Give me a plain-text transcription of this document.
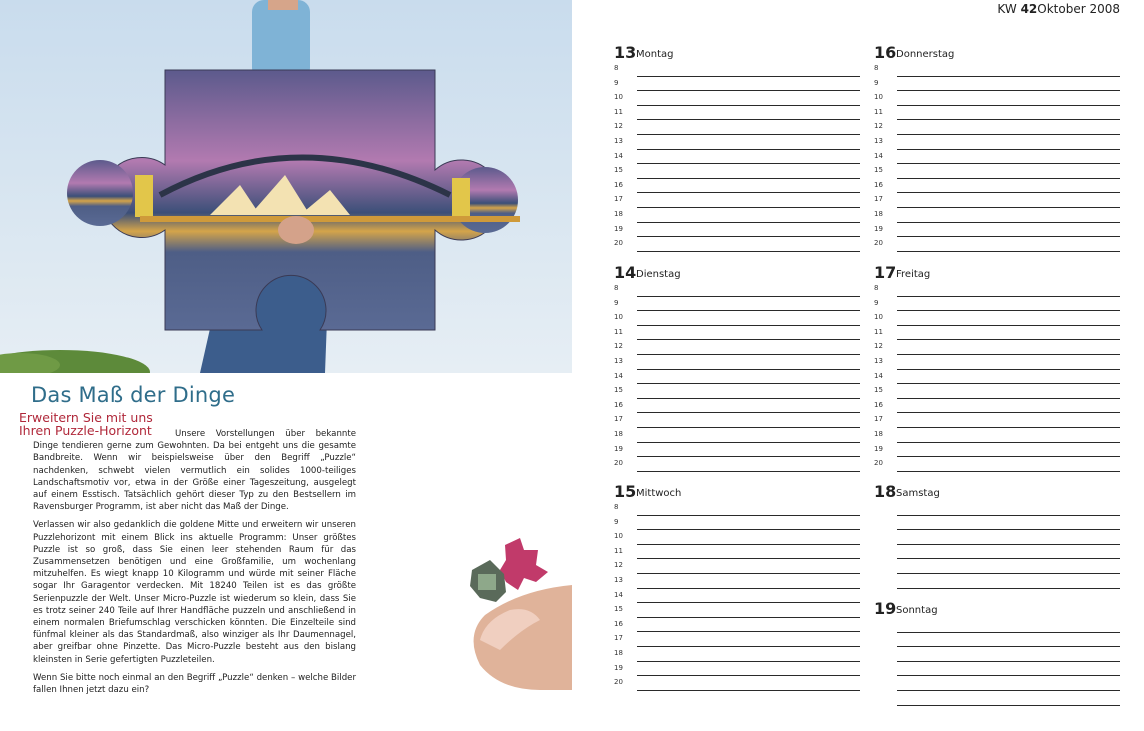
Das Maß der Dinge
Erweitern Sie mit uns Ihren Puzzle-Horizont	Unsere Vorstellungen über bekannte Dinge tendieren gerne zum Gewohnten. Da bei entgeht uns die gesamte Bandbreite. Wenn wir beispielsweise über den Begriff „Puzzle“ nachdenken, schwebt vielen vermutlich ein solides 1000-teiliges Landschaftsmotiv vor, etwa in der Größe einer Tageszeitung, ausgelegt auf einem Esstisch. Tatsächlich gehört dieser Typ zu den Bestsellern im Ravensburger Programm, ist aber nicht das Maß der Dinge.

Verlassen wir also gedanklich die goldene Mitte und erweitern wir unseren Puzzlehorizont mit einem Blick ins aktuelle Programm: Unser größtes Puzzle ist so groß, dass Sie einen leer stehenden Raum für das Zusammensetzen benötigen und eine Großfamilie, um wochenlang mitzuhelfen. Es wiegt knapp 10 Kilogramm und würde mit seiner Fläche sogar Ihr Garagentor verdecken. Mit 18240 Teilen ist es das größte Serienpuzzle der Welt. Unser Micro-Puzzle ist wiederum so klein, dass Sie es trotz seiner 240 Teile auf Ihrer Handfläche puzzeln und anschließend in einem normalen Briefumschlag verschicken könnten. Die Einzelteile sind fünfmal kleiner als das Standardmaß, also winziger als Ihr Daumennagel, aber greifbar ohne Pinzette. Das Micro-Puzzle besteht aus den bislang kleinsten in Serie gefertigten Puzzleteilen.

Wenn Sie bitte noch einmal an den Begriff „Puzzle“ denken – welche Bilder fallen Ihnen jetzt dazu ein?

KW 42Oktober 2008
13 Montag
8
9
10
11
12
13
14
15
16
17
18
19
20
14 Dienstag
8
9
10
11
12
13
14
15
16
17
18
19
20
15 Mittwoch
8
9
10
11
12
13
14
15
16
17
18
19
20
16 Donnerstag
8
9
10
11
12
13
14
15
16
17
18
19
20
17 Freitag
8
9
10
11
12
13
14
15
16
17
18
19
20
18 Samstag
19 Sonntag
